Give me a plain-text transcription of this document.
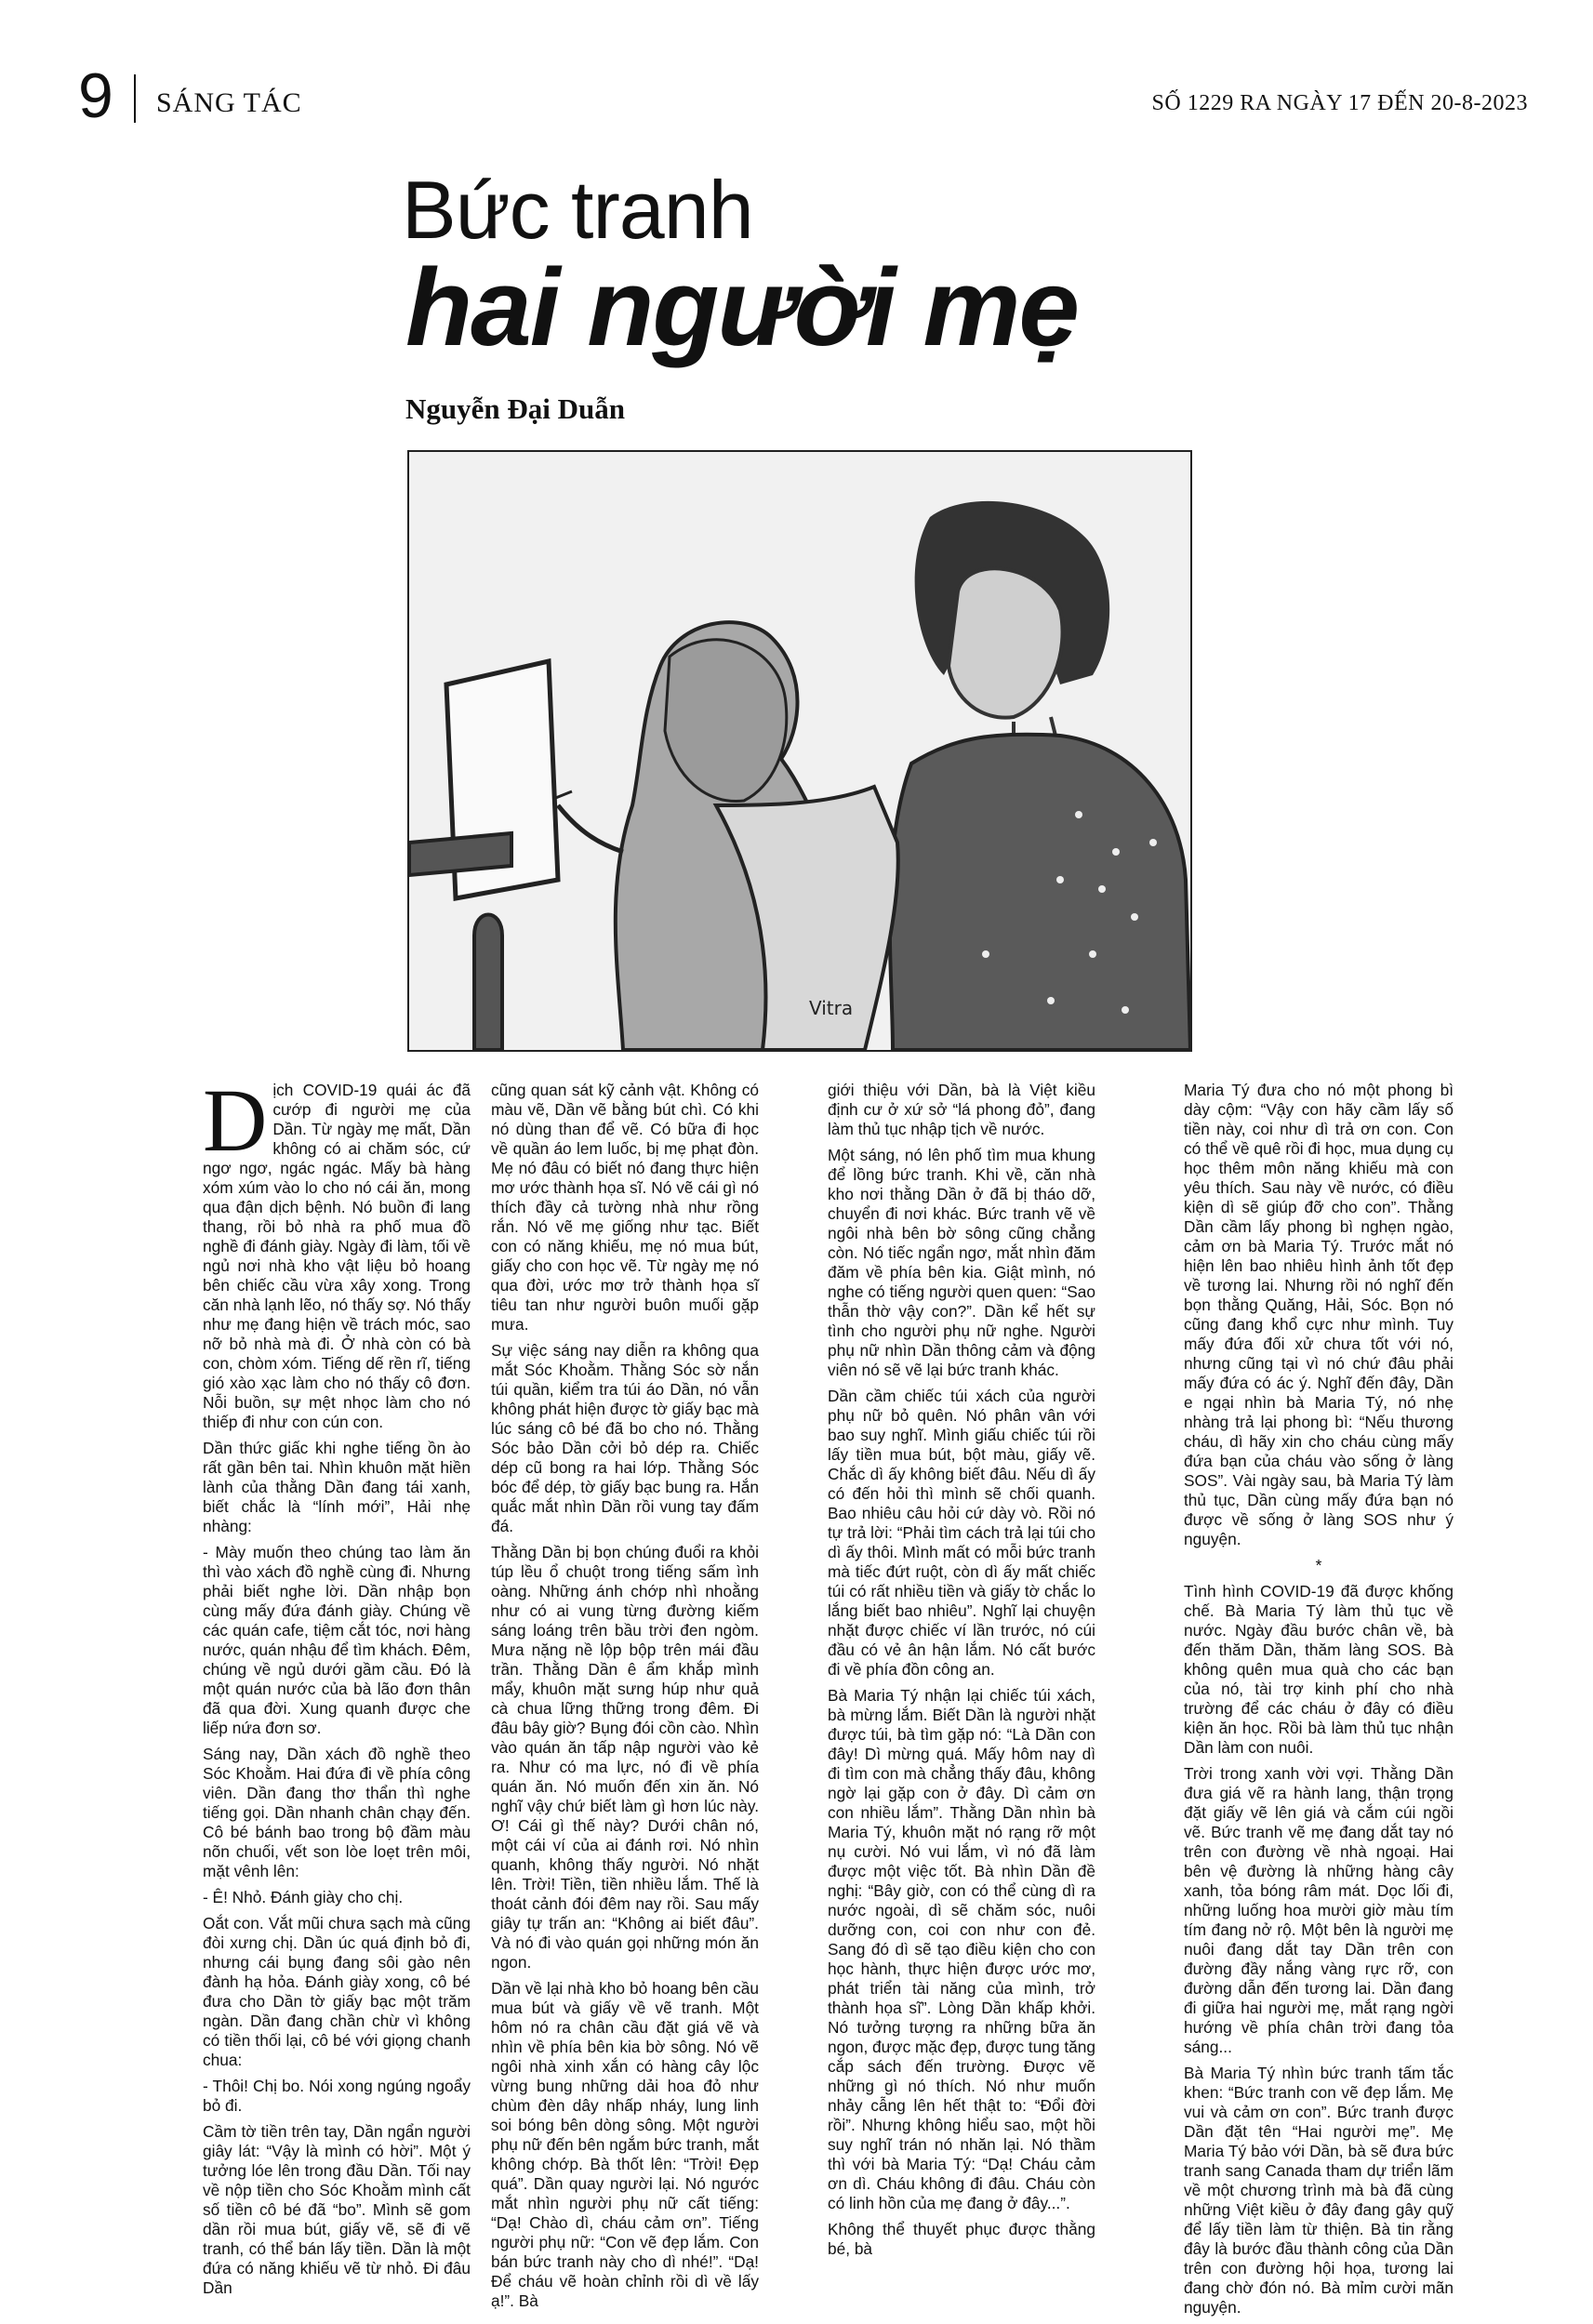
9 SÁNG TÁC	SỐ 1229 RA NGÀY 17 ĐẾN 20-8-2023
Bức tranh
hai người mẹ
Nguyễn Đại Duẫn
Vitra

Dịch COVID-19 quái ác đã cướp đi người mẹ của Dần. Từ ngày mẹ mất, Dần không có ai chăm sóc, cứ ngơ ngơ, ngác ngác. Mấy bà hàng xóm xúm vào lo cho nó cái ăn, mong qua đận dịch bệnh. Nó buồn đi lang thang, rồi bỏ nhà ra phố mua đồ nghề đi đánh giày. Ngày đi làm, tối về ngủ nơi nhà kho vật liệu bỏ hoang bên chiếc cầu vừa xây xong. Trong căn nhà lạnh lẽo, nó thấy sợ. Nó thấy như mẹ đang hiện về trách móc, sao nỡ bỏ nhà mà đi. Ở nhà còn có bà con, chòm xóm. Tiếng dế rền rĩ, tiếng gió xào xạc làm cho nó thấy cô đơn. Nỗi buồn, sự mệt nhọc làm cho nó thiếp đi như con cún con.

Dần thức giấc khi nghe tiếng ồn ào rất gần bên tai. Nhìn khuôn mặt hiền lành của thằng Dần đang tái xanh, biết chắc là “lính mới”, Hải nhẹ nhàng:

- Mày muốn theo chúng tao làm ăn thì vào xách đồ nghề cùng đi. Nhưng phải biết nghe lời. Dần nhập bọn cùng mấy đứa đánh giày. Chúng về các quán cafe, tiệm cắt tóc, nơi hàng nước, quán nhậu để tìm khách. Đêm, chúng về ngủ dưới gầm cầu. Đó là một quán nước của bà lão đơn thân đã qua đời. Xung quanh được che liếp nứa đơn sơ.

Sáng nay, Dần xách đồ nghề theo Sóc Khoằm. Hai đứa đi về phía công viên. Dần đang thơ thẩn thì nghe tiếng gọi. Dần nhanh chân chạy đến. Cô bé bánh bao trong bộ đầm màu nõn chuối, vết son lòe loẹt trên môi, mặt vênh lên:

- Ê! Nhỏ. Đánh giày cho chị.

Oắt con. Vắt mũi chưa sạch mà cũng đòi xưng chị. Dần úc quá định bỏ đi, nhưng cái bụng đang sôi gào nên đành hạ hỏa. Đánh giày xong, cô bé đưa cho Dần tờ giấy bạc một trăm ngàn. Dần đang chần chừ vì không có tiền thối lại, cô bé với giọng chanh chua:

- Thôi! Chị bo. Nói xong ngúng ngoẩy bỏ đi.

Cầm tờ tiền trên tay, Dần ngẩn người giây lát: “Vậy là mình có hời”. Một ý tưởng lóe lên trong đầu Dần. Tối nay về nộp tiền cho Sóc Khoằm mình cất số tiền cô bé đã “bo”. Mình sẽ gom dần rồi mua bút, giấy vẽ, sẽ đi vẽ tranh, có thể bán lấy tiền. Dần là một đứa có năng khiếu vẽ từ nhỏ. Đi đâu Dần

cũng quan sát kỹ cảnh vật. Không có màu vẽ, Dần vẽ bằng bút chì. Có khi nó dùng than để vẽ. Có bữa đi học về quần áo lem luốc, bị mẹ phạt đòn. Mẹ nó đâu có biết nó đang thực hiện mơ ước thành họa sĩ. Nó vẽ cái gì nó thích đầy cả tường nhà như rồng rắn. Nó vẽ mẹ giống như tạc. Biết con có năng khiếu, mẹ nó mua bút, giấy cho con học vẽ. Từ ngày mẹ nó qua đời, ước mơ trở thành họa sĩ tiêu tan như người buôn muối gặp mưa.

Sự việc sáng nay diễn ra không qua mắt Sóc Khoằm. Thằng Sóc sờ nắn túi quần, kiểm tra túi áo Dần, nó vẫn không phát hiện được tờ giấy bạc mà lúc sáng cô bé đã bo cho nó. Thằng Sóc bảo Dần cởi bỏ dép ra. Chiếc dép cũ bong ra hai lớp. Thằng Sóc bóc để dép, tờ giấy bạc bung ra. Hắn quắc mắt nhìn Dần rồi vung tay đấm đá.

Thằng Dần bị bọn chúng đuổi ra khỏi túp lều ổ chuột trong tiếng sấm ình oàng. Những ánh chớp nhì nhoằng như có ai vung từng đường kiếm sáng loáng trên bầu trời đen ngòm. Mưa nặng nề lộp bộp trên mái đầu trần. Thằng Dần ê ẩm khắp mình mẩy, khuôn mặt sưng húp như quả cà chua lững thững trong đêm. Đi đâu bây giờ? Bụng đói cồn cào. Nhìn vào quán ăn tấp nập người vào kẻ ra. Như có ma lực, nó đi về phía quán ăn. Nó muốn đến xin ăn. Nó nghĩ vậy chứ biết làm gì hơn lúc này. Ơ! Cái gì thế này? Dưới chân nó, một cái ví của ai đánh rơi. Nó nhìn quanh, không thấy người. Nó nhặt lên. Trời! Tiền, tiền nhiều lắm. Thế là thoát cảnh đói đêm nay rồi. Sau mấy giây tự trấn an: “Không ai biết đâu”. Và nó đi vào quán gọi những món ăn ngon.

Dần về lại nhà kho bỏ hoang bên cầu mua bút và giấy về vẽ tranh. Một hôm nó ra chân cầu đặt giá vẽ và nhìn về phía bên kia bờ sông. Nó vẽ ngôi nhà xinh xắn có hàng cây lộc vừng bung những dải hoa đỏ như chùm đèn dây nhấp nháy, lung linh soi bóng bên dòng sông. Một người phụ nữ đến bên ngắm bức tranh, mắt không chớp. Bà thốt lên: “Trời! Đẹp quá”. Dần quay người lại. Nó ngước mắt nhìn người phụ nữ cất tiếng: “Dạ! Chào dì, cháu cảm ơn”. Tiếng người phụ nữ: “Con vẽ đẹp lắm. Con bán bức tranh này cho dì nhé!”. “Dạ! Để cháu vẽ hoàn chỉnh rồi dì về lấy ạ!”. Bà

giới thiệu với Dần, bà là Việt kiều định cư ở xứ sở “lá phong đỏ”, đang làm thủ tục nhập tịch về nước.

Một sáng, nó lên phố tìm mua khung để lồng bức tranh. Khi về, căn nhà kho nơi thằng Dần ở đã bị tháo dỡ, chuyển đi nơi khác. Bức tranh vẽ về ngôi nhà bên bờ sông cũng chẳng còn. Nó tiếc ngẩn ngơ, mắt nhìn đăm đăm về phía bên kia. Giật mình, nó nghe có tiếng người quen quen: “Sao thẫn thờ vậy con?”. Dần kể hết sự tình cho người phụ nữ nghe. Người phụ nữ nhìn Dần thông cảm và động viên nó sẽ vẽ lại bức tranh khác.

Dần cầm chiếc túi xách của người phụ nữ bỏ quên. Nó phân vân với bao suy nghĩ. Mình giấu chiếc túi rồi lấy tiền mua bút, bột màu, giấy vẽ. Chắc dì ấy không biết đâu. Nếu dì ấy có đến hỏi thì mình sẽ chối quanh. Bao nhiêu câu hỏi cứ dày vò. Rồi nó tự trả lời: “Phải tìm cách trả lại túi cho dì ấy thôi. Mình mất có mỗi bức tranh mà tiếc đứt ruột, còn dì ấy mất chiếc túi có rất nhiều tiền và giấy tờ chắc lo lắng biết bao nhiêu”. Nghĩ lại chuyện nhặt được chiếc ví lần trước, nó cúi đầu có vẻ ân hận lắm. Nó cất bước đi về phía đồn công an.

Bà Maria Tý nhận lại chiếc túi xách, bà mừng lắm. Biết Dần là người nhặt được túi, bà tìm gặp nó: “Là Dần con đây! Dì mừng quá. Mấy hôm nay dì đi tìm con mà chẳng thấy đâu, không ngờ lại gặp con ở đây. Dì cảm ơn con nhiều lắm”. Thằng Dần nhìn bà Maria Tý, khuôn mặt nó rạng rỡ một nụ cười. Nó vui lắm, vì nó đã làm được một việc tốt. Bà nhìn Dần đề nghị: “Bây giờ, con có thể cùng dì ra nước ngoài, dì sẽ chăm sóc, nuôi dưỡng con, coi con như con đẻ. Sang đó dì sẽ tạo điều kiện cho con học hành, thực hiện được ước mơ, phát triển tài năng của mình, trở thành họa sĩ”. Lòng Dần khấp khởi. Nó tưởng tượng ra những bữa ăn ngon, được mặc đẹp, được tung tăng cắp sách đến trường. Được vẽ những gì nó thích. Nó như muốn nhảy cẫng lên hết thật to: “Đổi đời rồi”. Nhưng không hiểu sao, một hồi suy nghĩ trán nó nhăn lại. Nó thầm thì với bà Maria Tý: “Dạ! Cháu cảm ơn dì. Cháu không đi đâu. Cháu còn có linh hồn của mẹ đang ở đây...”.

Không thể thuyết phục được thằng bé, bà

Maria Tý đưa cho nó một phong bì dày cộm: “Vậy con hãy cầm lấy số tiền này, coi như dì trả ơn con. Con có thể về quê rồi đi học, mua dụng cụ học thêm môn năng khiếu mà con yêu thích. Sau này về nước, có điều kiện dì sẽ giúp đỡ cho con”. Thằng Dần cầm lấy phong bì nghẹn ngào, cảm ơn bà Maria Tý. Trước mắt nó hiện lên bao nhiêu hình ảnh tốt đẹp về tương lai. Nhưng rồi nó nghĩ đến bọn thằng Quăng, Hải, Sóc. Bọn nó cũng đang khổ cực như mình. Tuy mấy đứa đối xử chưa tốt với nó, nhưng cũng tại vì nó chứ đâu phải mấy đứa có ác ý. Nghĩ đến đây, Dần e ngại nhìn bà Maria Tý, nó nhẹ nhàng trả lại phong bì: “Nếu thương cháu, dì hãy xin cho cháu cùng mấy đứa bạn của cháu vào sống ở làng SOS”. Vài ngày sau, bà Maria Tý làm thủ tục, Dần cùng mấy đứa bạn nó được về sống ở làng SOS như ý nguyện.

*

Tình hình COVID-19 đã được khống chế. Bà Maria Tý làm thủ tục về nước. Ngày đầu bước chân về, bà đến thăm Dần, thăm làng SOS. Bà không quên mua quà cho các bạn của nó, tài trợ kinh phí cho nhà trường để các cháu ở đây có điều kiện ăn học. Rồi bà làm thủ tục nhận Dần làm con nuôi.

Trời trong xanh vời vợi. Thằng Dần đưa giá vẽ ra hành lang, thận trọng đặt giấy vẽ lên giá và cắm cúi ngồi vẽ. Bức tranh vẽ mẹ đang dắt tay nó trên con đường về nhà ngoại. Hai bên vệ đường là những hàng cây xanh, tỏa bóng râm mát. Dọc lối đi, những luống hoa mười giờ màu tím tím đang nở rộ. Một bên là người mẹ nuôi đang dắt tay Dần trên con đường đầy nắng vàng rực rỡ, con đường dẫn đến tương lai. Dần đang đi giữa hai người mẹ, mắt rạng ngời hướng về phía chân trời đang tỏa sáng...

Bà Maria Tý nhìn bức tranh tấm tắc khen: “Bức tranh con vẽ đẹp lắm. Mẹ vui và cảm ơn con”. Bức tranh được Dần đặt tên “Hai người mẹ”. Mẹ Maria Tý bảo với Dần, bà sẽ đưa bức tranh sang Canada tham dự triển lãm về một chương trình mà bà đã cùng những Việt kiều ở đây đang gây quỹ để lấy tiền làm từ thiện. Bà tin rằng đây là bước đầu thành công của Dần trên con đường hội họa, tương lai đang chờ đón nó. Bà mỉm cười mãn nguyện.
